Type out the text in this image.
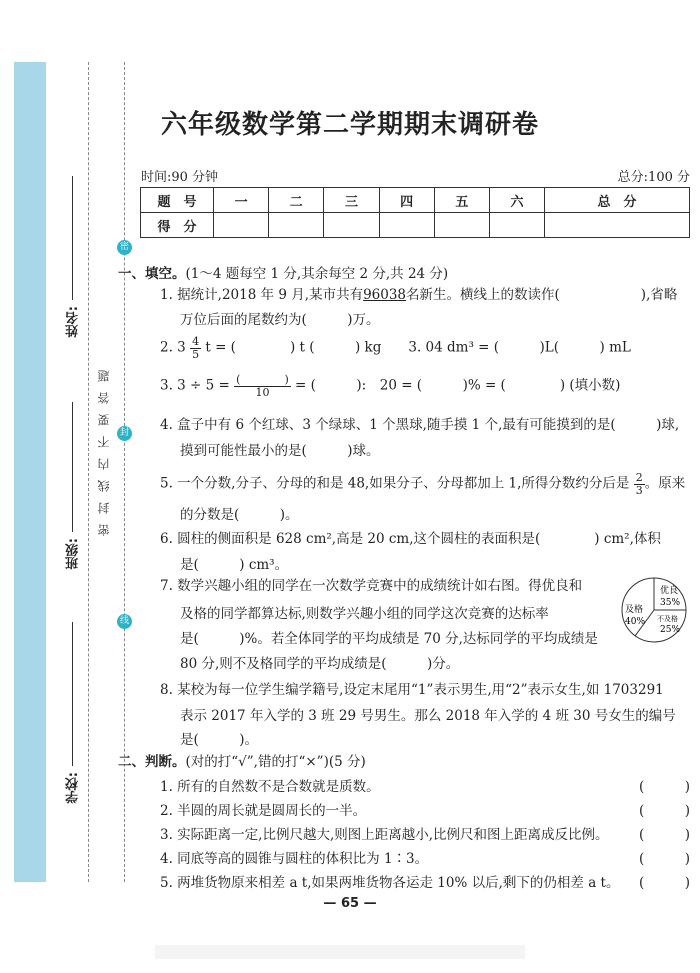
密
封
线
姓名:
班级:
学校:
密封线内不要答题
六年级数学第二学期期末调研卷
时间:90 分钟	总分:100 分
题　号	一	二	三	四	五	六	总　分
得　分							
一、填空。(1～4 题每空 1 分,其余每空 2 分,共 24 分)
1. 据统计,2018 年 9 月,某市共有96038名新生。横线上的数读作(　　　　　　),省略
万位后面的尾数约为(　　　)万。
2. $3 \frac{4}{5}$ t = (　　　　) t (　　　) kg　　3. 04 dm³ = (　　　)L(　　　) mL
3. $3 \div 5 = \frac{( )}{10}$ = (　　　):　20 = (　　　)% = (　　　　) (填小数)
4. 盒子中有 6 个红球、3 个绿球、1 个黑球,随手摸 1 个,最有可能摸到的是(　　　)球,
摸到可能性最小的是(　　　)球。
5. 一个分数,分子、分母的和是 48,如果分子、分母都加上 1,所得分数约分后是 $\frac{2}{3}$ 。原来
的分数是(　　　)。
6. 圆柱的侧面积是 628 cm²,高是 20 cm,这个圆柱的表面积是(　　　　) cm²,体积
是(　　　) cm³。
7. 数学兴趣小组的同学在一次数学竞赛中的成绩统计如右图。得优良和
及格的同学都算达标,则数学兴趣小组的同学这次竞赛的达标率
是(　　　)%。若全体同学的平均成绩是 70 分,达标同学的平均成绩是
80 分,则不及格同学的平均成绩是(　　　)分。
优良
35%
及格
40% 不及格
25%
8. 某校为每一位学生编学籍号,设定末尾用“1”表示男生,用“2”表示女生,如 1703291
表示 2017 年入学的 3 班 29 号男生。那么 2018 年入学的 4 班 30 号女生的编号
是(　　　)。
二、判断。(对的打“√”,错的打“×”)(5 分)
1. 所有的自然数不是合数就是质数。	(　　　)
2. 半圆的周长就是圆周长的一半。	(　　　)
3. 实际距离一定,比例尺越大,则图上距离越小,比例尺和图上距离成反比例。 (　　　)
4. 同底等高的圆锥与圆柱的体积比为 1∶3。	(　　　)
5. 两堆货物原来相差 a t,如果两堆货物各运走 10% 以后,剩下的仍相差 a t。 (　　　)
— 65 —
